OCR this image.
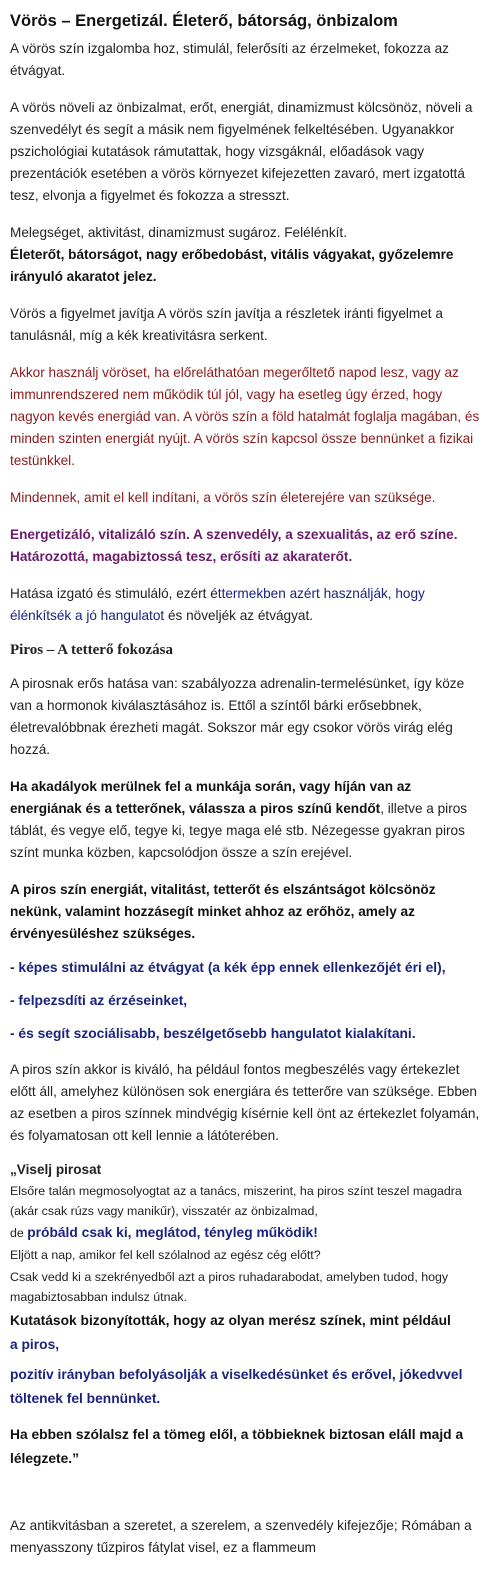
Vörös – Energetizál. Életerő, bátorság, önbizalom

A vörös szín izgalomba hoz, stimulál, felerősíti az érzelmeket, fokozza az étvágyat.

A vörös növeli az önbizalmat, erőt, energiát, dinamizmust kölcsönöz, növeli a szenvedélyt és segít a másik nem figyelmének felkeltésében. Ugyanakkor pszichológiai kutatások rámutattak, hogy vizsgáknál, előadások vagy prezentációk esetében a vörös környezet kifejezetten zavaró, mert izgatottá tesz, elvonja a figyelmet és fokozza a stresszt.

Melegséget, aktivitást, dinamizmust sugároz. Felélénkít.
Életerőt, bátorságot, nagy erőbedobást, vitális vágyakat, győzelemre irányuló akaratot jelez.

Vörös a figyelmet javítja A vörös szín javítja a részletek iránti figyelmet a tanulásnál, míg a kék kreativitásra serkent.

Akkor használj vöröset, ha előreláthatóan megerőltető napod lesz, vagy az immunrendszered nem működik túl jól, vagy ha esetleg úgy érzed, hogy nagyon kevés energiád van. A vörös szín a föld hatalmát foglalja magában, és minden szinten energiát nyújt. A vörös szín kapcsol össze bennünket a fizikai testünkkel.

Mindennek, amit el kell indítani, a vörös szín életerejére van szüksége.

Energetizáló, vitalizáló szín. A szenvedély, a szexualitás, az erő színe. Határozottá, magabiztossá tesz, erősíti az akaraterőt.

Hatása izgató és stimuláló, ezért éttermekben azért használják, hogy élénkítsék a jó hangulatot és növeljék az étvágyat.

Piros – A tetterő fokozása

A pirosnak erős hatása van: szabályozza adrenalin-termelésünket, így köze van a hormonok kiválasztásához is. Ettől a színtől bárki erősebbnek, életrevalóbbnak érezheti magát. Sokszor már egy csokor vörös virág elég hozzá.

Ha akadályok merülnek fel a munkája során, vagy híján van az energiának és a tetterőnek, válassza a piros színű kendőt, illetve a piros táblát, és vegye elő, tegye ki, tegye maga elé stb. Nézegesse gyakran piros színt munka közben, kapcsolódjon össze a szín erejével.

A piros szín energiát, vitalitást, tetterőt és elszántságot kölcsönöz nekünk, valamint hozzásegít minket ahhoz az erőhöz, amely az érvényesüléshez szükséges.

- képes stimulálni az étvágyat (a kék épp ennek ellenkezőjét éri el),
- felpezsdíti az érzéseinket,
- és segít szociálisabb, beszélgetősebb hangulatot kialakítani.

A piros szín akkor is kiváló, ha például fontos megbeszélés vagy értekezlet előtt áll, amelyhez különösen sok energiára és tetterőre van szüksége. Ebben az esetben a piros színnek mindvégig kísérnie kell önt az értekezlet folyamán, és folyamatosan ott kell lennie a látóterében.

„Viselj pirosat

Elsőre talán megmosolyogtat az a tanács, miszerint, ha piros színt teszel magadra (akár csak rúzs vagy manikűr), visszatér az önbizalmad,

de próbáld csak ki, meglátod, tényleg működik!

Eljött a nap, amikor fel kell szólalnod az egész cég előtt?

Csak vedd ki a szekrényedből azt a piros ruhadarabodat, amelyben tudod, hogy magabiztosabban indulsz útnak.

Kutatások bizonyították, hogy az olyan merész színek, mint például

a piros,

pozitív irányban befolyásolják a viselkedésünket és erővel, jókedvvel töltenek fel bennünket.

Ha ebben szólalsz fel a tömeg elől, a többieknek biztosan eláll majd a lélegzete.”

Az antikvitásban a szeretet, a szerelem, a szenvedély kifejezője; Rómában a menyasszony tűzpiros fátylat visel, ez a flammeum
